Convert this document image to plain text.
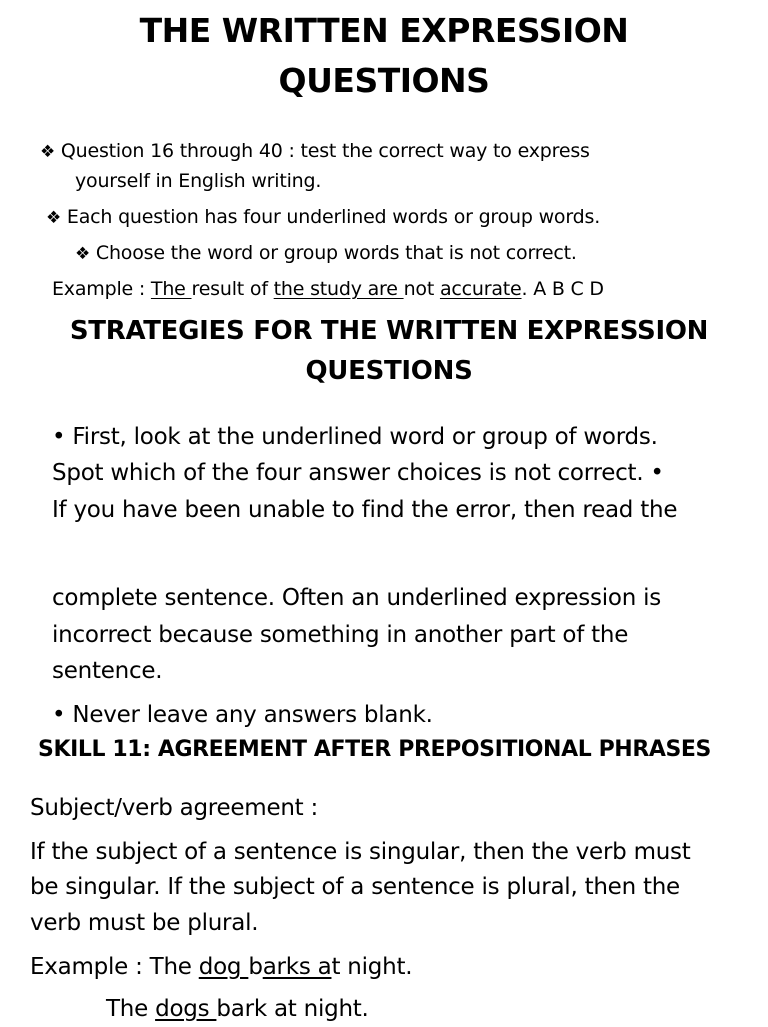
THE WRITTEN EXPRESSION
QUESTIONS
❖ Question 16 through 40 : test the correct way to express
yourself in English writing.
❖ Each question has four underlined words or group words.
❖ Choose the word or group words that is not correct.
Example : The result of the study are not accurate. A B C D
STRATEGIES FOR THE WRITTEN EXPRESSION
QUESTIONS
• First, look at the underlined word or group of words.
Spot which of the four answer choices is not correct. •
If you have been unable to find the error, then read the
complete sentence. Often an underlined expression is
incorrect because something in another part of the
sentence.
• Never leave any answers blank.
SKILL 11: AGREEMENT AFTER PREPOSITIONAL PHRASES
Subject/verb agreement :
If the subject of a sentence is singular, then the verb must
be singular. If the subject of a sentence is plural, then the
verb must be plural.
Example : The dog barks at night.
The dogs bark at night.
